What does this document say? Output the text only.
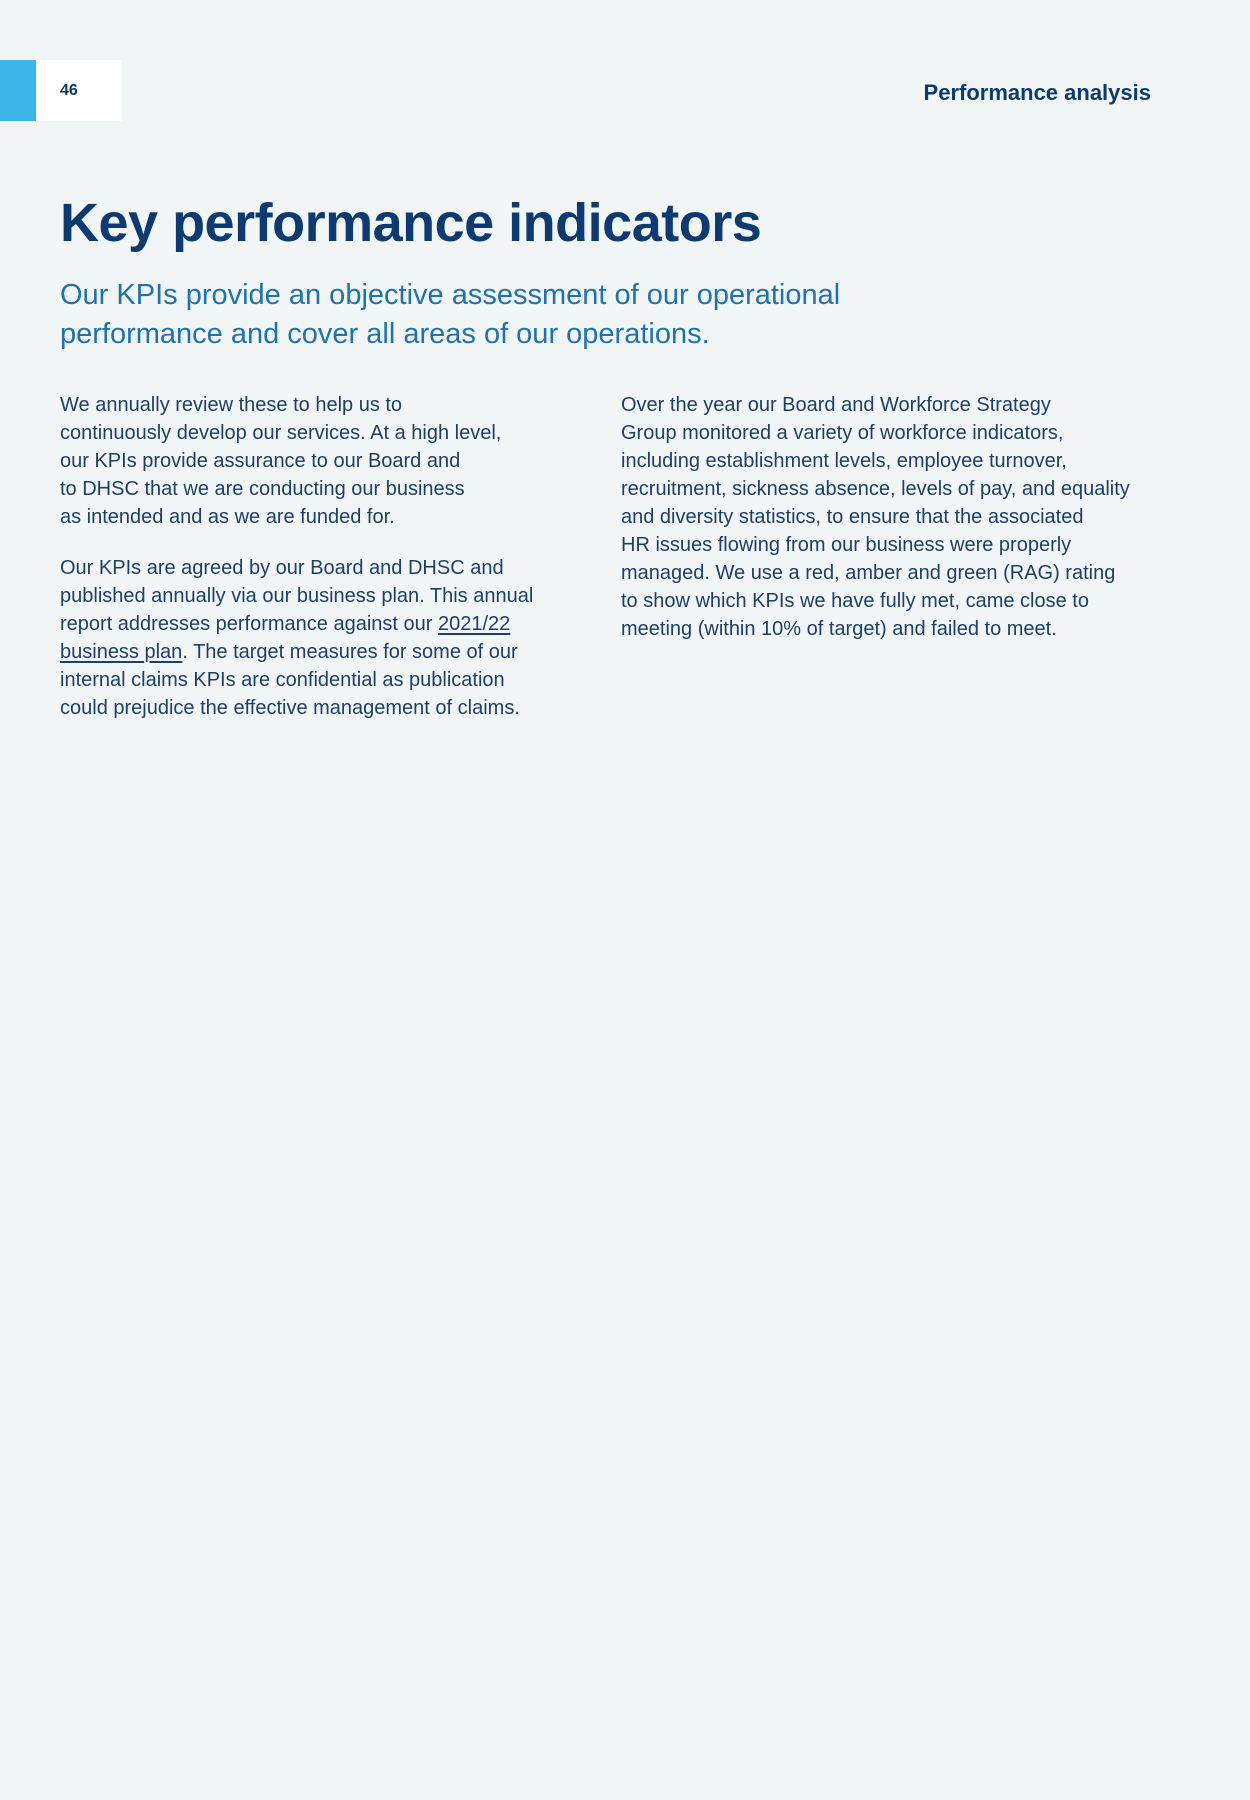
46	Performance analysis
Key performance indicators

Our KPIs provide an objective assessment of our operational
performance and cover all areas of our operations.

We annually review these to help us to
continuously develop our services. At a high level,
our KPIs provide assurance to our Board and
to DHSC that we are conducting our business
as intended and as we are funded for.

Our KPIs are agreed by our Board and DHSC and
published annually via our business plan. This annual
report addresses performance against our 2021/22
business plan. The target measures for some of our
internal claims KPIs are confidential as publication
could prejudice the effective management of claims.

Over the year our Board and Workforce Strategy
Group monitored a variety of workforce indicators,
including establishment levels, employee turnover,
recruitment, sickness absence, levels of pay, and equality
and diversity statistics, to ensure that the associated
HR issues flowing from our business were properly
managed. We use a red, amber and green (RAG) rating
to show which KPIs we have fully met, came close to
meeting (within 10% of target) and failed to meet.
